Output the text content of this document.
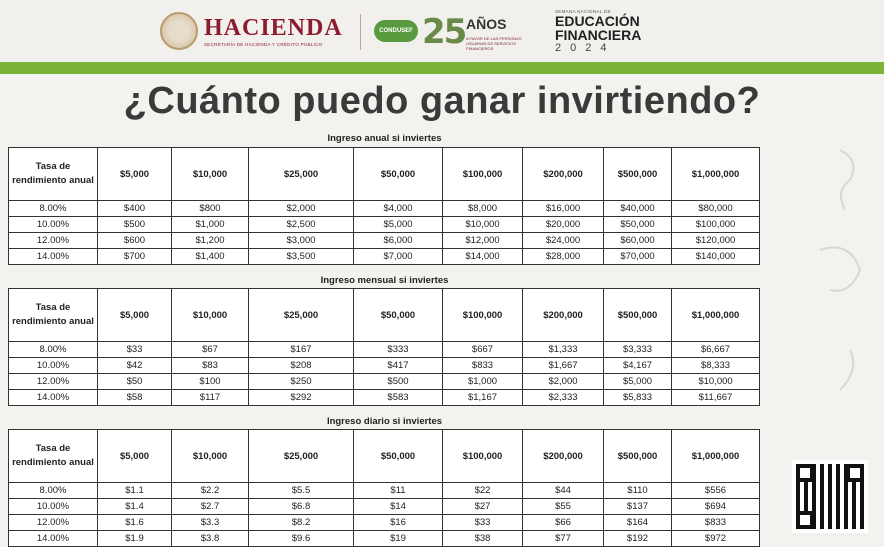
HACIENDA
SECRETARÍA DE HACIENDA Y CRÉDITO PÚBLICO
CONDUSEF 25 AÑOS
A FAVOR DE LAS PERSONAS USUARIAS DE SERVICIOS FINANCIEROS
SEMANA NACIONAL DE
EDUCACIÓN
FINANCIERA
2024
¿Cuánto puedo ganar invirtiendo?
Ingreso anual si inviertes
Tasa de rendimiento anual	$5,000	$10,000	$25,000	$50,000	$100,000	$200,000	$500,000	$1,000,000
8.00%	$400	$800	$2,000	$4,000	$8,000	$16,000	$40,000	$80,000
10.00%	$500	$1,000	$2,500	$5,000	$10,000	$20,000	$50,000	$100,000
12.00%	$600	$1,200	$3,000	$6,000	$12,000	$24,000	$60,000	$120,000
14.00%	$700	$1,400	$3,500	$7,000	$14,000	$28,000	$70,000	$140,000
Ingreso mensual si inviertes
Tasa de rendimiento anual	$5,000	$10,000	$25,000	$50,000	$100,000	$200,000	$500,000	$1,000,000
8.00%	$33	$67	$167	$333	$667	$1,333	$3,333	$6,667
10.00%	$42	$83	$208	$417	$833	$1,667	$4,167	$8,333
12.00%	$50	$100	$250	$500	$1,000	$2,000	$5,000	$10,000
14.00%	$58	$117	$292	$583	$1,167	$2,333	$5,833	$11,667
Ingreso diario si inviertes
Tasa de rendimiento anual	$5,000	$10,000	$25,000	$50,000	$100,000	$200,000	$500,000	$1,000,000
8.00%	$1.1	$2.2	$5.5	$11	$22	$44	$110	$556
10.00%	$1.4	$2.7	$6.8	$14	$27	$55	$137	$694
12.00%	$1.6	$3.3	$8.2	$16	$33	$66	$164	$833
14.00%	$1.9	$3.8	$9.6	$19	$38	$77	$192	$972
